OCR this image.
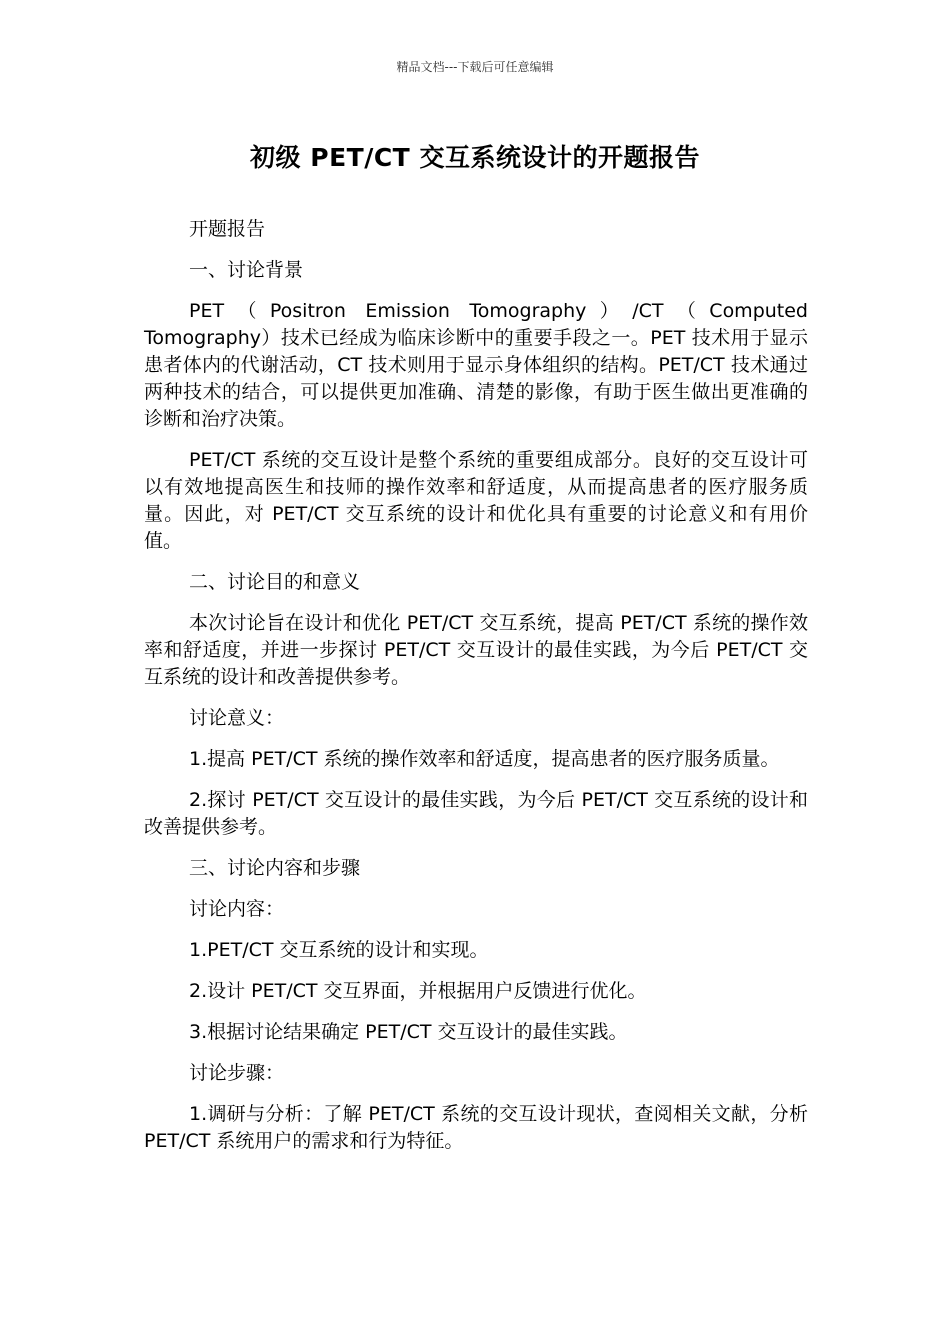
精品文档---下载后可任意编辑
初级 PET/CT 交互系统设计的开题报告

开题报告

一、讨论背景

PET（Positron Emission Tomography）/CT（Computed Tomography）技术已经成为临床诊断中的重要手段之一。PET 技术用于显示患者体内的代谢活动，CT 技术则用于显示身体组织的结构。PET/CT 技术通过两种技术的结合，可以提供更加准确、清楚的影像，有助于医生做出更准确的诊断和治疗决策。

PET/CT 系统的交互设计是整个系统的重要组成部分。良好的交互设计可以有效地提高医生和技师的操作效率和舒适度，从而提高患者的医疗服务质量。因此，对 PET/CT 交互系统的设计和优化具有重要的讨论意义和有用价值。

二、讨论目的和意义

本次讨论旨在设计和优化 PET/CT 交互系统，提高 PET/CT 系统的操作效率和舒适度，并进一步探讨 PET/CT 交互设计的最佳实践，为今后 PET/CT 交互系统的设计和改善提供参考。

讨论意义：

1.提高 PET/CT 系统的操作效率和舒适度，提高患者的医疗服务质量。

2.探讨 PET/CT 交互设计的最佳实践，为今后 PET/CT 交互系统的设计和改善提供参考。

三、讨论内容和步骤

讨论内容：

1.PET/CT 交互系统的设计和实现。

2.设计 PET/CT 交互界面，并根据用户反馈进行优化。

3.根据讨论结果确定 PET/CT 交互设计的最佳实践。

讨论步骤：

1.调研与分析：了解 PET/CT 系统的交互设计现状，查阅相关文献，分析 PET/CT 系统用户的需求和行为特征。
